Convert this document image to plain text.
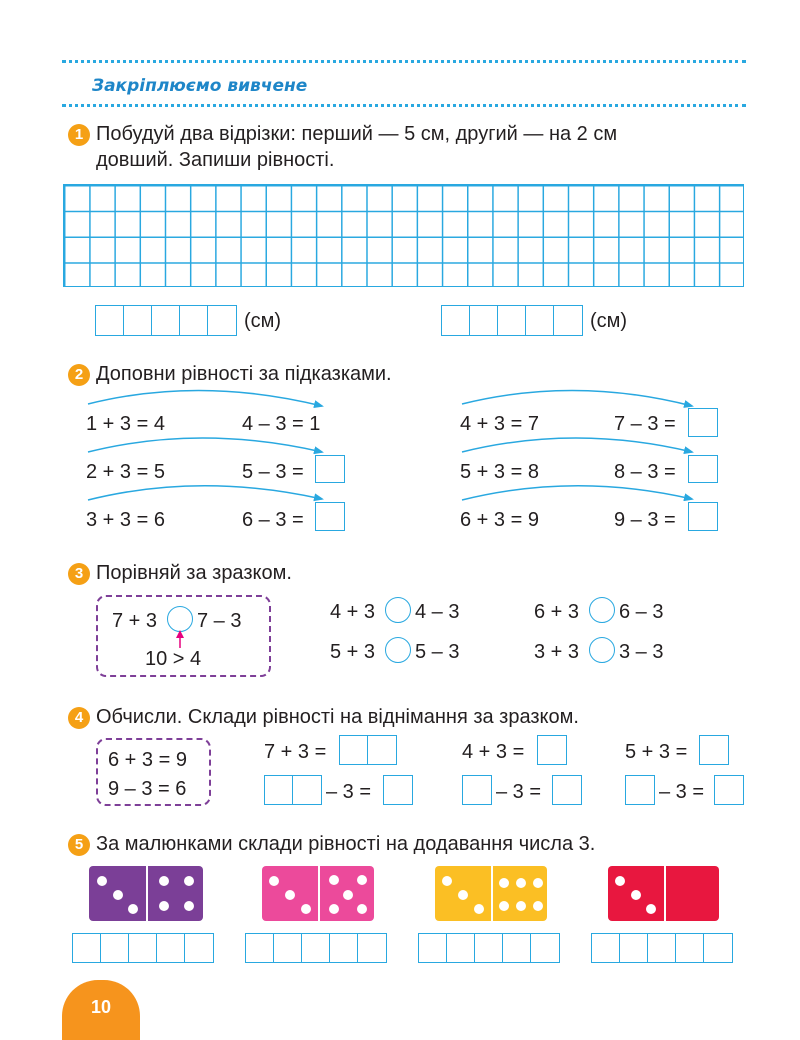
Закріплюємо вивчене
1 Побудуй два відрізки: перший — 5 см, другий — на 2 см
довший. Запиши рівності.
(см)	(см)
2 Доповни рівності за підказками.
1 + 3 = 4	4 – 3 = 1
2 + 3 = 5	5 – 3 =
3 + 3 = 6	6 – 3 =
4 + 3 = 7	7 – 3 =
5 + 3 = 8	8 – 3 =
6 + 3 = 9	9 – 3 =
3 Порівняй за зразком.
7 + 3 7 – 3
10 > 4
4 + 3 4 – 3	6 + 3 6 – 3
5 + 3 5 – 3	3 + 3 3 – 3
4 Обчисли. Склади рівності на віднімання за зразком.
6 + 3 = 9
9 – 3 = 6
7 + 3 =
– 3 =
4 + 3 =
– 3 =
5 + 3 =
– 3 =
5 За малюнками склади рівності на додавання числа 3.
10
